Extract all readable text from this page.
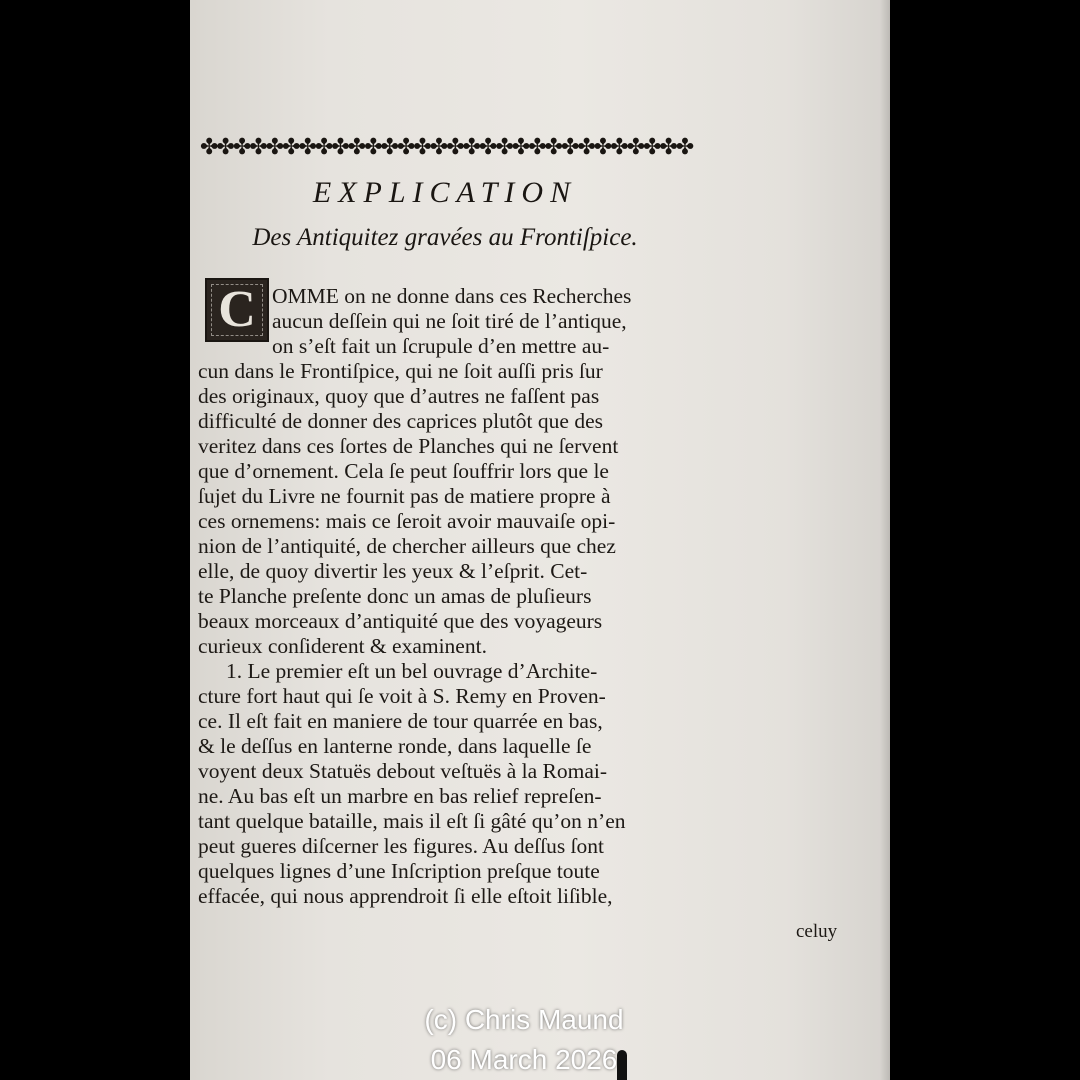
✤
✤
✤
✤
✤
✤
✤
✤
✤
✤
✤
✤
✤
✤
✤
✤
✤
✤
✤
✤
✤
✤
✤
✤
✤
✤
✤
✤
✤
✤
EXPLICATION
Des Antiquitez gravées au Frontiſpice.
C OMME on ne donne dans ces Recherches
aucun deſſein qui ne ſoit tiré de l’antique,
on s’eſt fait un ſcrupule d’en mettre au-
cun dans le Frontiſpice, qui ne ſoit auſſi pris ſur
des originaux, quoy que d’autres ne faſſent pas
difficulté de donner des caprices plutôt que des
veritez dans ces ſortes de Planches qui ne ſervent
que d’ornement. Cela ſe peut ſouffrir lors que le
ſujet du Livre ne fournit pas de matiere propre à
ces ornemens: mais ce ſeroit avoir mauvaiſe opi-
nion de l’antiquité, de chercher ailleurs que chez
elle, de quoy divertir les yeux & l’eſprit. Cet-
te Planche preſente donc un amas de pluſieurs
beaux morceaux d’antiquité que des voyageurs
curieux conſiderent & examinent.
1. Le premier eſt un bel ouvrage d’Archite-
cture fort haut qui ſe voit à S. Remy en Proven-
ce. Il eſt fait en maniere de tour quarrée en bas,
& le deſſus en lanterne ronde, dans laquelle ſe
voyent deux Statuës debout veſtuës à la Romai-
ne. Au bas eſt un marbre en bas relief repreſen-
tant quelque bataille, mais il eſt ſi gâté qu’on n’en
peut gueres diſcerner les figures. Au deſſus ſont
quelques lignes d’une Inſcription preſque toute
effacée, qui nous apprendroit ſi elle eſtoit liſible,
celuy
(c) Chris Maund
06 March 2026
